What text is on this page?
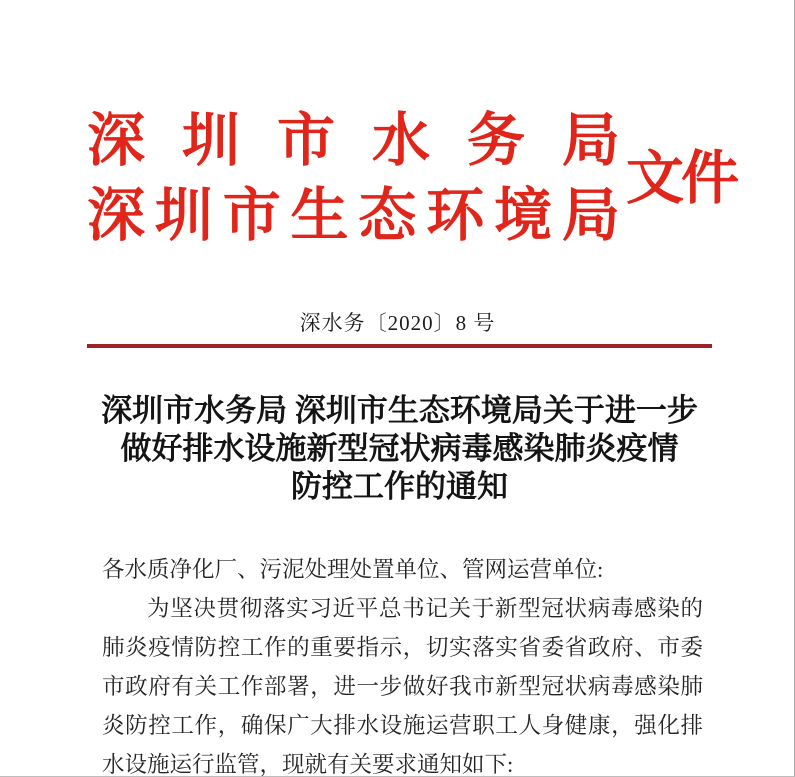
深 圳 市 水 务 局
深 圳 市 生 态 环 境 局
文件
深水务〔2020〕8 号
深圳市水务局 深圳市生态环境局关于进一步
做好排水设施新型冠状病毒感染肺炎疫情
防控工作的通知

各水质净化厂、污泥处理处置单位、管网运营单位:

为坚决贯彻落实习近平总书记关于新型冠状病毒感染的肺炎疫情防控工作的重要指示，切实落实省委省政府、市委市政府有关工作部署，进一步做好我市新型冠状病毒感染肺炎防控工作，确保广大排水设施运营职工人身健康，强化排水设施运行监管，现就有关要求通知如下:
